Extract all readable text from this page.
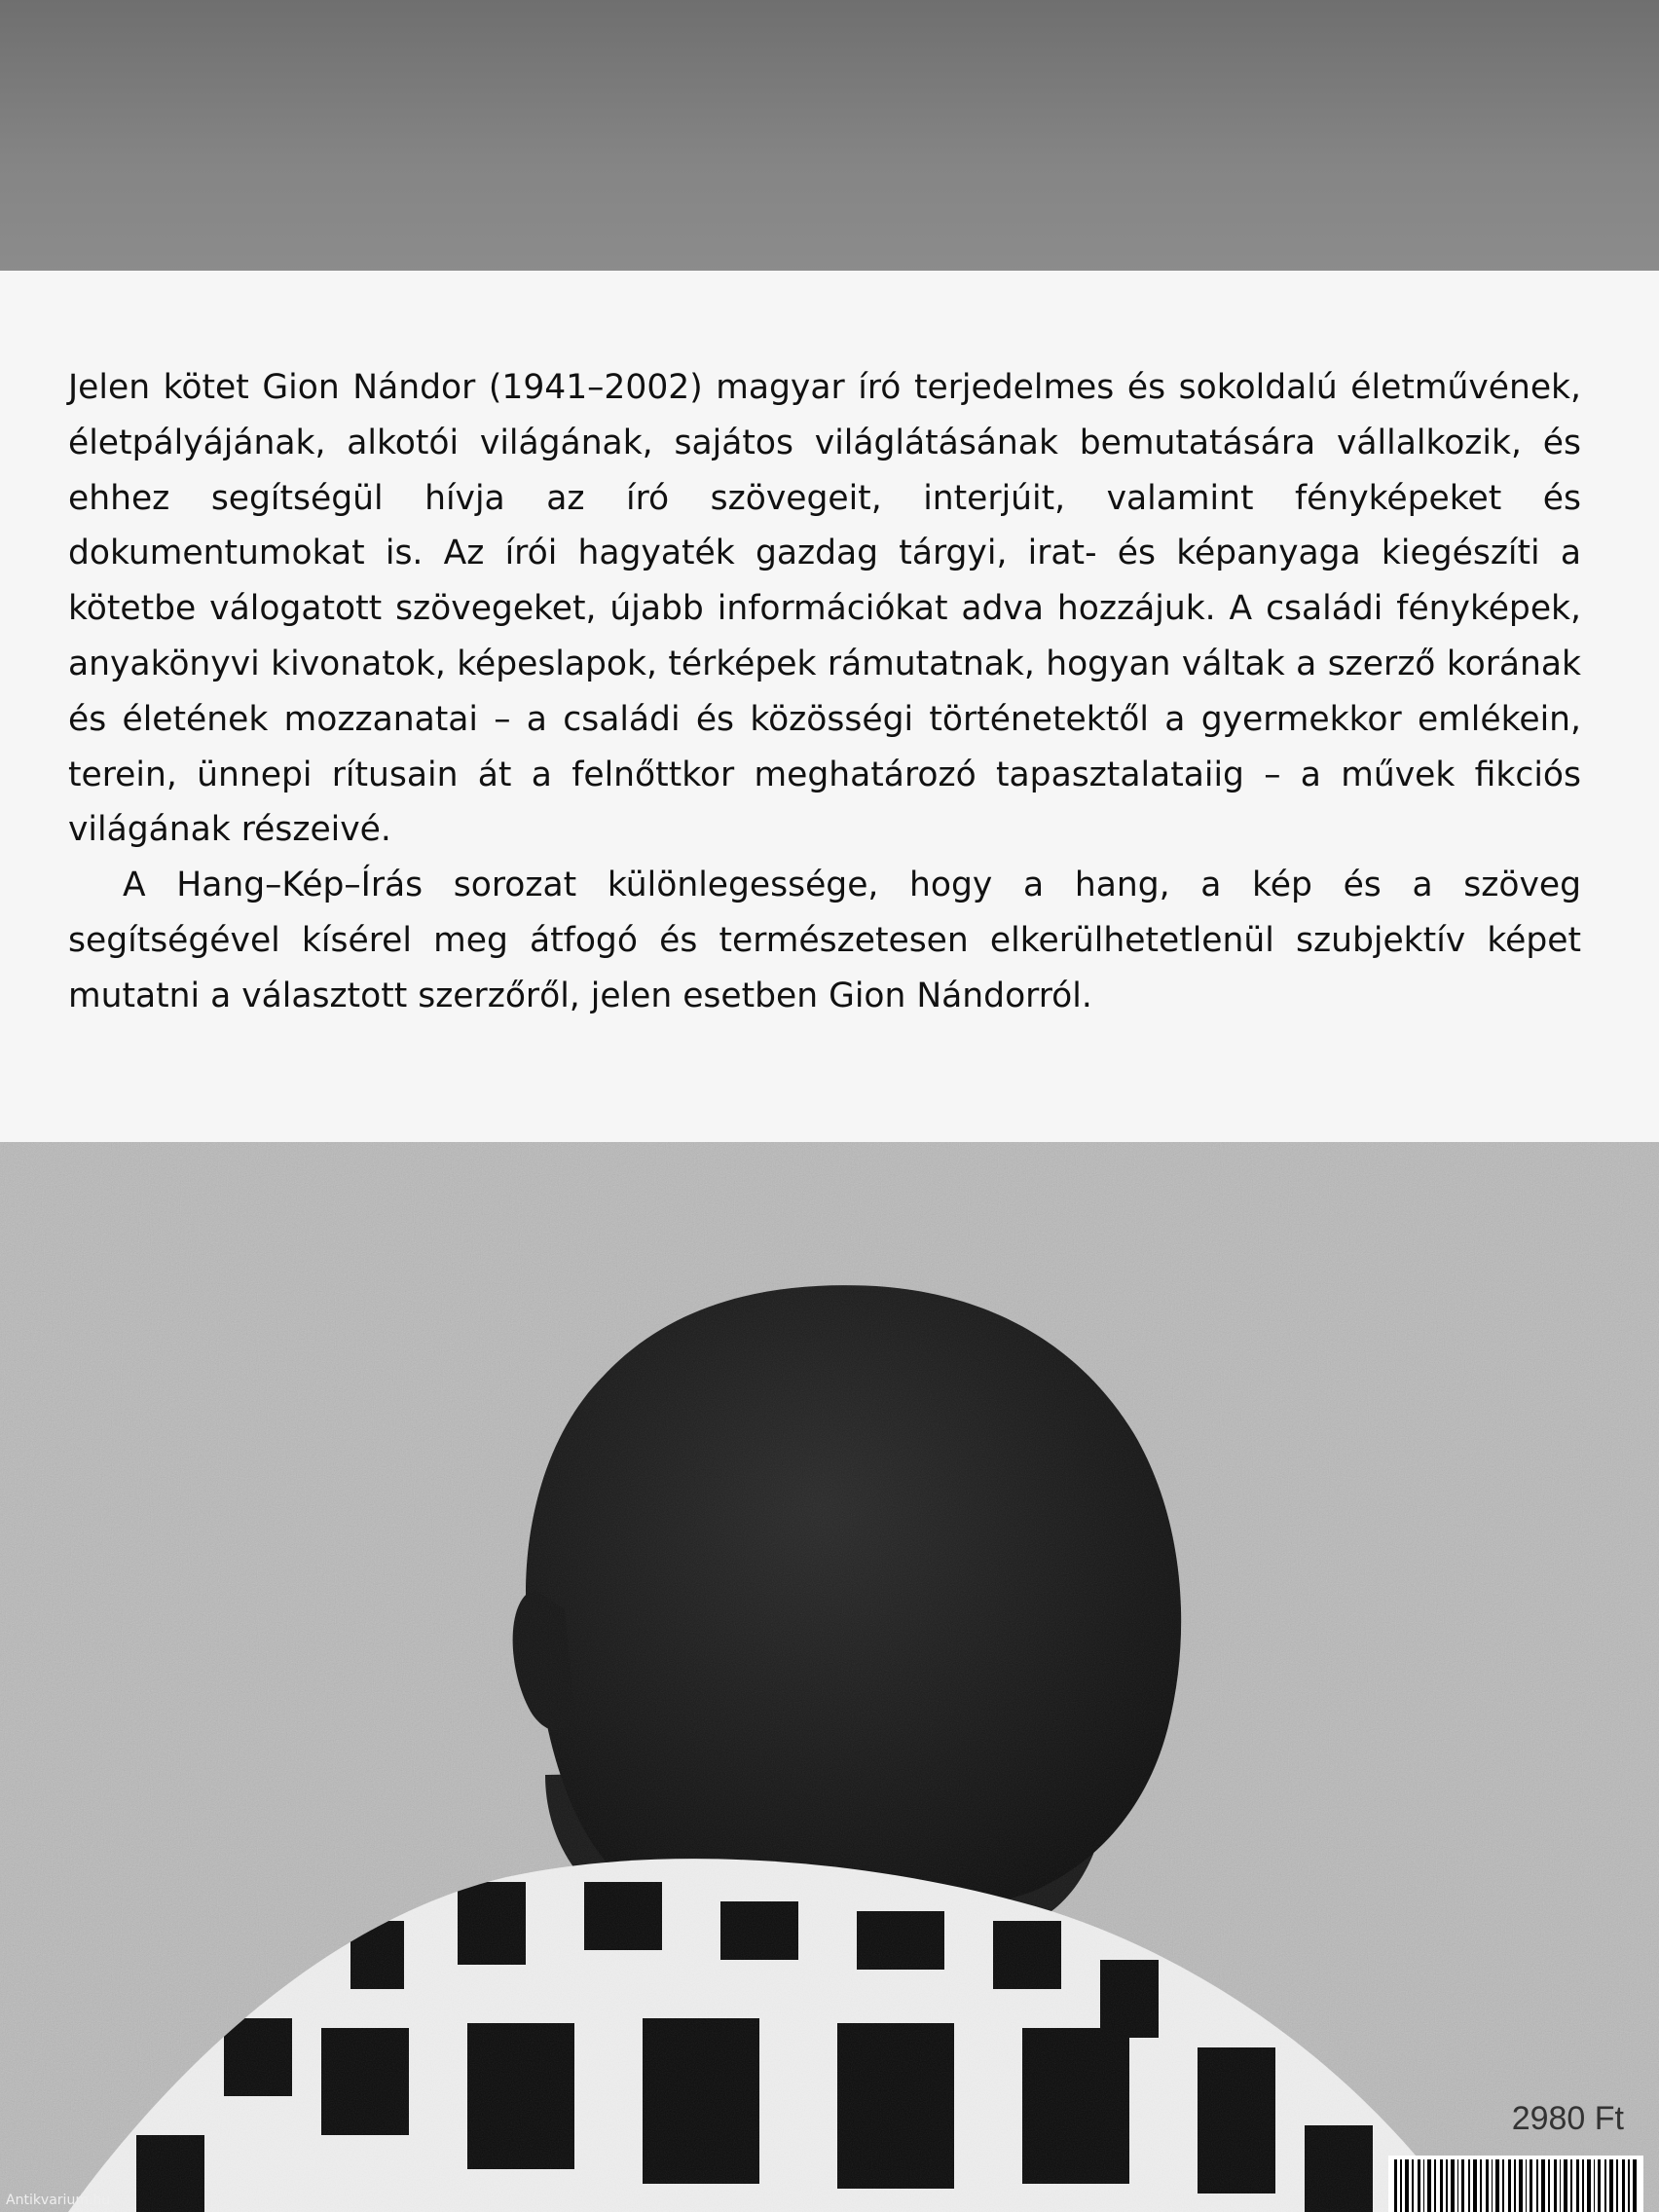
Jelen kötet Gion Nándor (1941–2002) magyar író terjedelmes és sokoldalú életművének, életpályájának, alkotói világának, sajátos világlátásának bemutatására vállalkozik, és ehhez segítségül hívja az író szövegeit, interjúit, valamint fényképeket és dokumentumokat is. Az írói hagyaték gazdag tárgyi, irat- és képanyaga kiegészíti a kötetbe válogatott szövegeket, újabb információkat adva hozzájuk. A családi fényképek, anyakönyvi kivonatok, képeslapok, térképek rámutatnak, hogyan váltak a szerző korának és életének mozzanatai – a családi és közösségi történetektől a gyermekkor emlékein, terein, ünnepi rítusain át a felnőttkor meghatározó tapasztalataiig – a művek fikciós világának részeivé.

A Hang–Kép–Írás sorozat különlegessége, hogy a hang, a kép és a szöveg segítségével kísérel meg átfogó és természetesen elkerülhetetlenül szubjektív képet mutatni a választott szerzőről, jelen esetben Gion Nándorról.

2980 Ft
Antikvarium.hu
